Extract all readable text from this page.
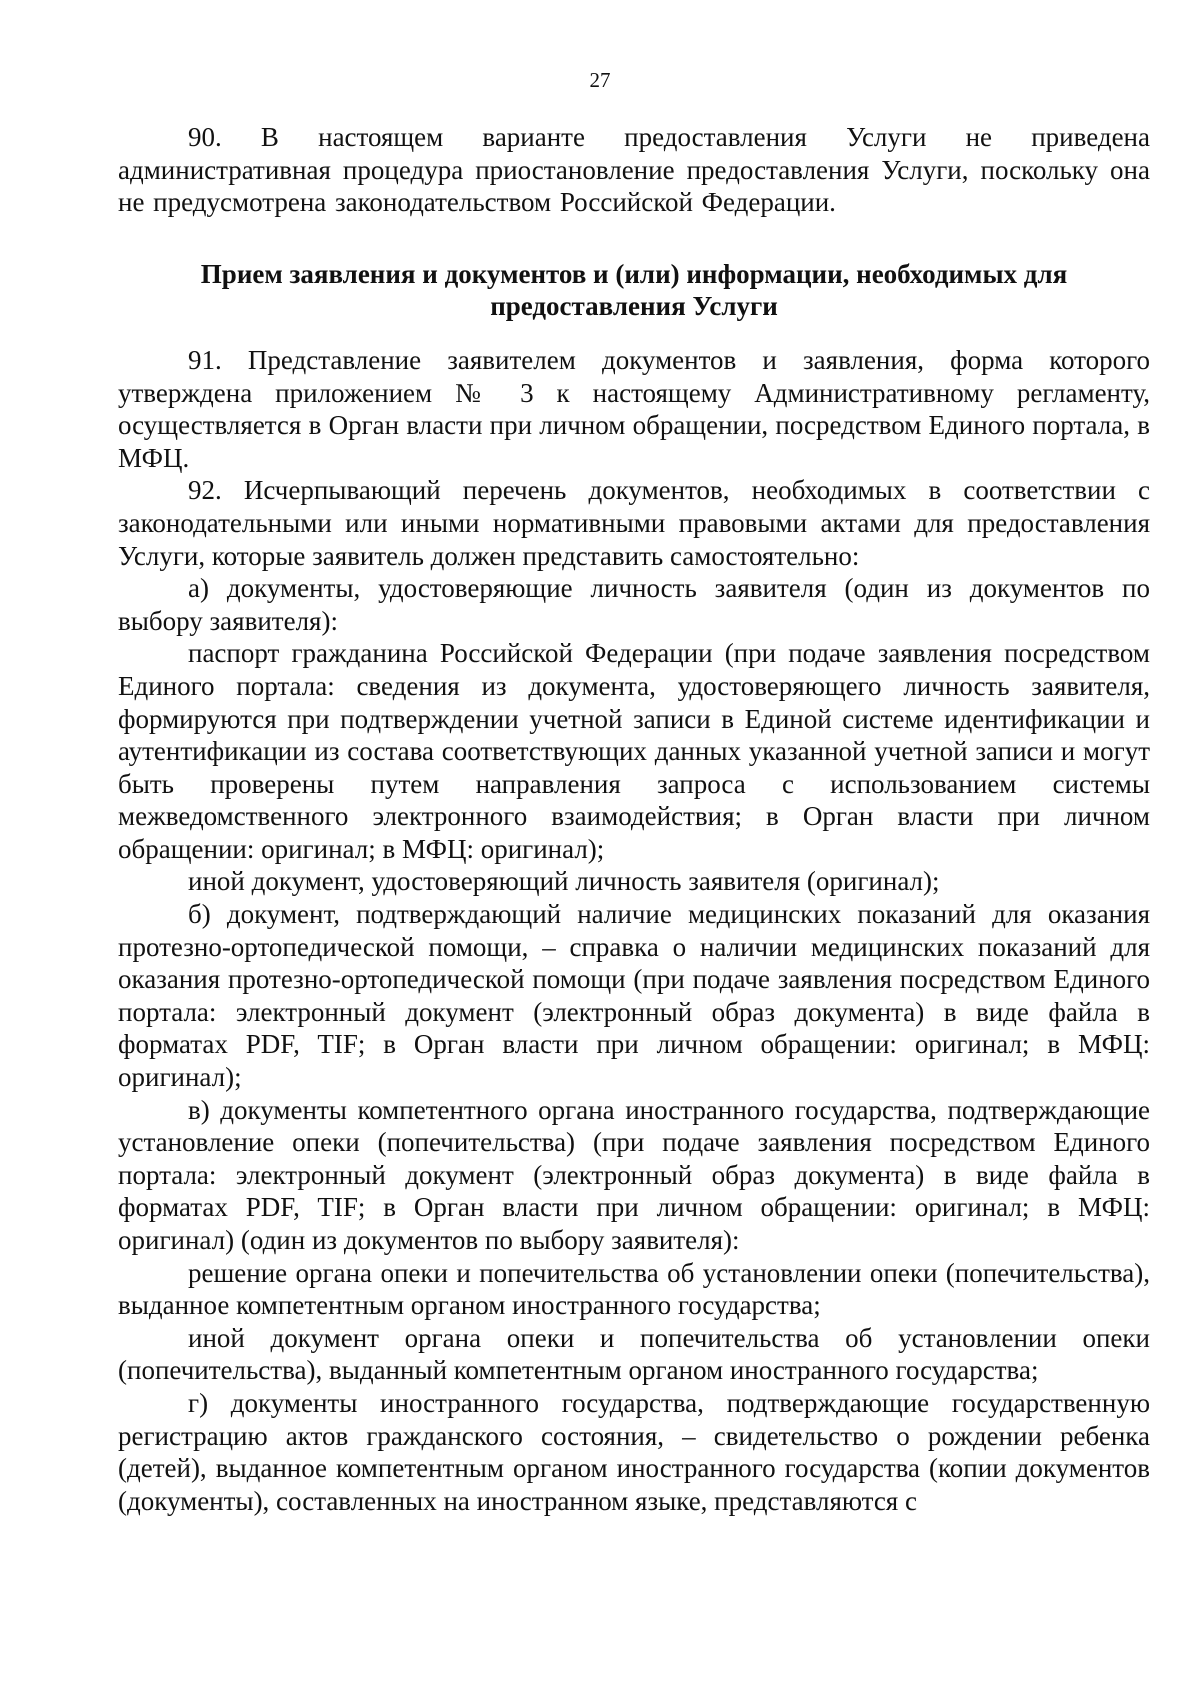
27

90. В настоящем варианте предоставления Услуги не приведена административная процедура приостановление предоставления Услуги, поскольку она не предусмотрена законодательством Российской Федерации.

Прием заявления и документов и (или) информации, необходимых для предоставления Услуги

91. Представление заявителем документов и заявления, форма которого утверждена приложением № 3 к настоящему Административному регламенту, осуществляется в Орган власти при личном обращении, посредством Единого портала, в МФЦ.

92. Исчерпывающий перечень документов, необходимых в соответствии с законодательными или иными нормативными правовыми актами для предоставления Услуги, которые заявитель должен представить самостоятельно:

а) документы, удостоверяющие личность заявителя (один из документов по выбору заявителя):

паспорт гражданина Российской Федерации (при подаче заявления посредством Единого портала: сведения из документа, удостоверяющего личность заявителя, формируются при подтверждении учетной записи в Единой системе идентификации и аутентификации из состава соответствующих данных указанной учетной записи и могут быть проверены путем направления запроса с использованием системы межведомственного электронного взаимодействия; в Орган власти при личном обращении: оригинал; в МФЦ: оригинал);

иной документ, удостоверяющий личность заявителя (оригинал);

б) документ, подтверждающий наличие медицинских показаний для оказания протезно-ортопедической помощи, – справка о наличии медицинских показаний для оказания протезно-ортопедической помощи (при подаче заявления посредством Единого портала: электронный документ (электронный образ документа) в виде файла в форматах PDF, TIF; в Орган власти при личном обращении: оригинал; в МФЦ: оригинал);

в) документы компетентного органа иностранного государства, подтверждающие установление опеки (попечительства) (при подаче заявления посредством Единого портала: электронный документ (электронный образ документа) в виде файла в форматах PDF, TIF; в Орган власти при личном обращении: оригинал; в МФЦ: оригинал) (один из документов по выбору заявителя):

решение органа опеки и попечительства об установлении опеки (попечительства), выданное компетентным органом иностранного государства;

иной документ органа опеки и попечительства об установлении опеки (попечительства), выданный компетентным органом иностранного государства;

г) документы иностранного государства, подтверждающие государственную регистрацию актов гражданского состояния, – свидетельство о рождении ребенка (детей), выданное компетентным органом иностранного государства (копии документов (документы), составленных на иностранном языке, представляются с
